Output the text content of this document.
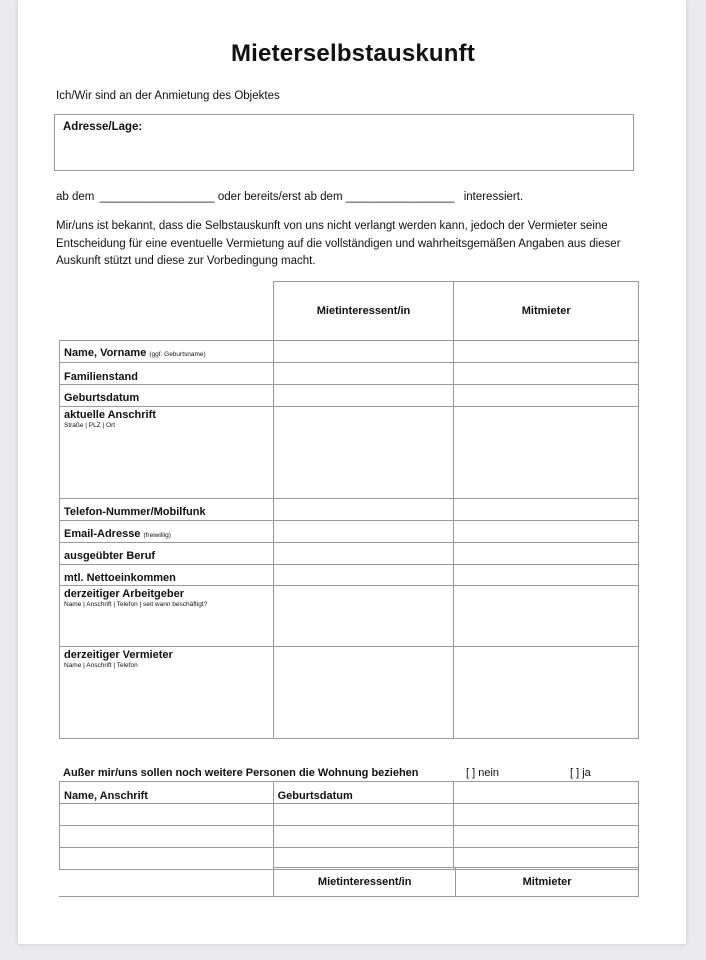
Mieterselbstauskunft
Ich/Wir sind an der Anmietung des Objektes
Adresse/Lage:
ab dem __________________ oder bereits/erst ab dem _________________ interessiert.
Mir/uns ist bekannt, dass die Selbstauskunft von uns nicht verlangt werden kann, jedoch der Vermieter seine Entscheidung für eine eventuelle Vermietung auf die vollständigen und wahrheitsgemäßen Angaben aus dieser Auskunft stützt und diese zur Vorbedingung macht.
	Mietinteressent/in	Mitmieter
Name, Vorname (ggf. Geburtsname)		
Familienstand		
Geburtsdatum		
aktuelle Anschrift
Straße | PLZ | Ort		

Telefon-Nummer/Mobilfunk		
Email-Adresse (freiwillig)		
ausgeübter Beruf		
mtl. Nettoeinkommen		
derzeitiger Arbeitgeber
Name | Anschrift | Telefon | seit wann beschäftigt?		

derzeitiger Vermieter
Name | Anschrift | Telefon		

Außer mir/uns sollen noch weitere Personen die Wohnung beziehen	[ ] nein	[ ] ja
Name, Anschrift	Geburtsdatum	

	Mietinteressent/in	Mitmieter
